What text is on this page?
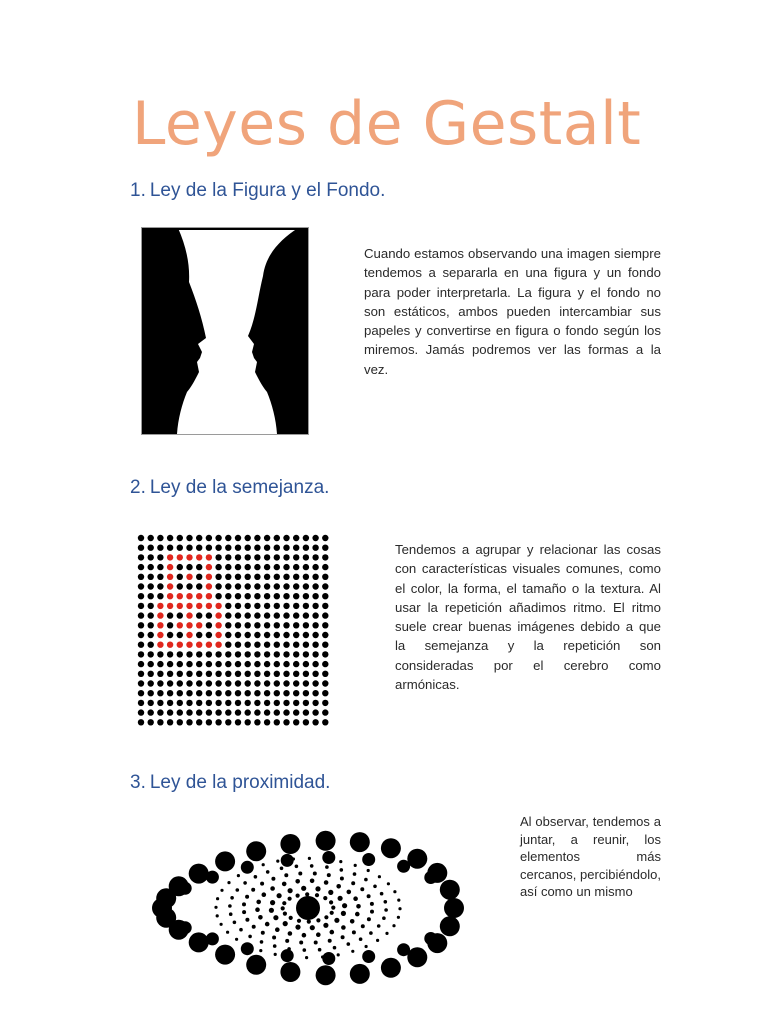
Leyes de Gestalt
1. Ley de la Figura y el Fondo.

Cuando estamos observando una imagen siempre tendemos a separarla en una figura y un fondo para poder interpretarla. La figura y el fondo no son estáticos, ambos pueden intercambiar sus papeles y convertirse en figura o fondo según los miremos. Jamás podremos ver las formas a la vez.

2. Ley de la semejanza.

Tendemos a agrupar y relacionar las cosas con características visuales comunes, como el color, la forma, el tamaño o la textura. Al usar la repetición añadimos ritmo. El ritmo suele crear buenas imágenes debido a que la semejanza y la repetición son consideradas por el cerebro como armónicas.

3. Ley de la proximidad.

Al observar, tendemos a juntar, a reunir, los elementos más cercanos, percibiéndolo, así como un mismo
